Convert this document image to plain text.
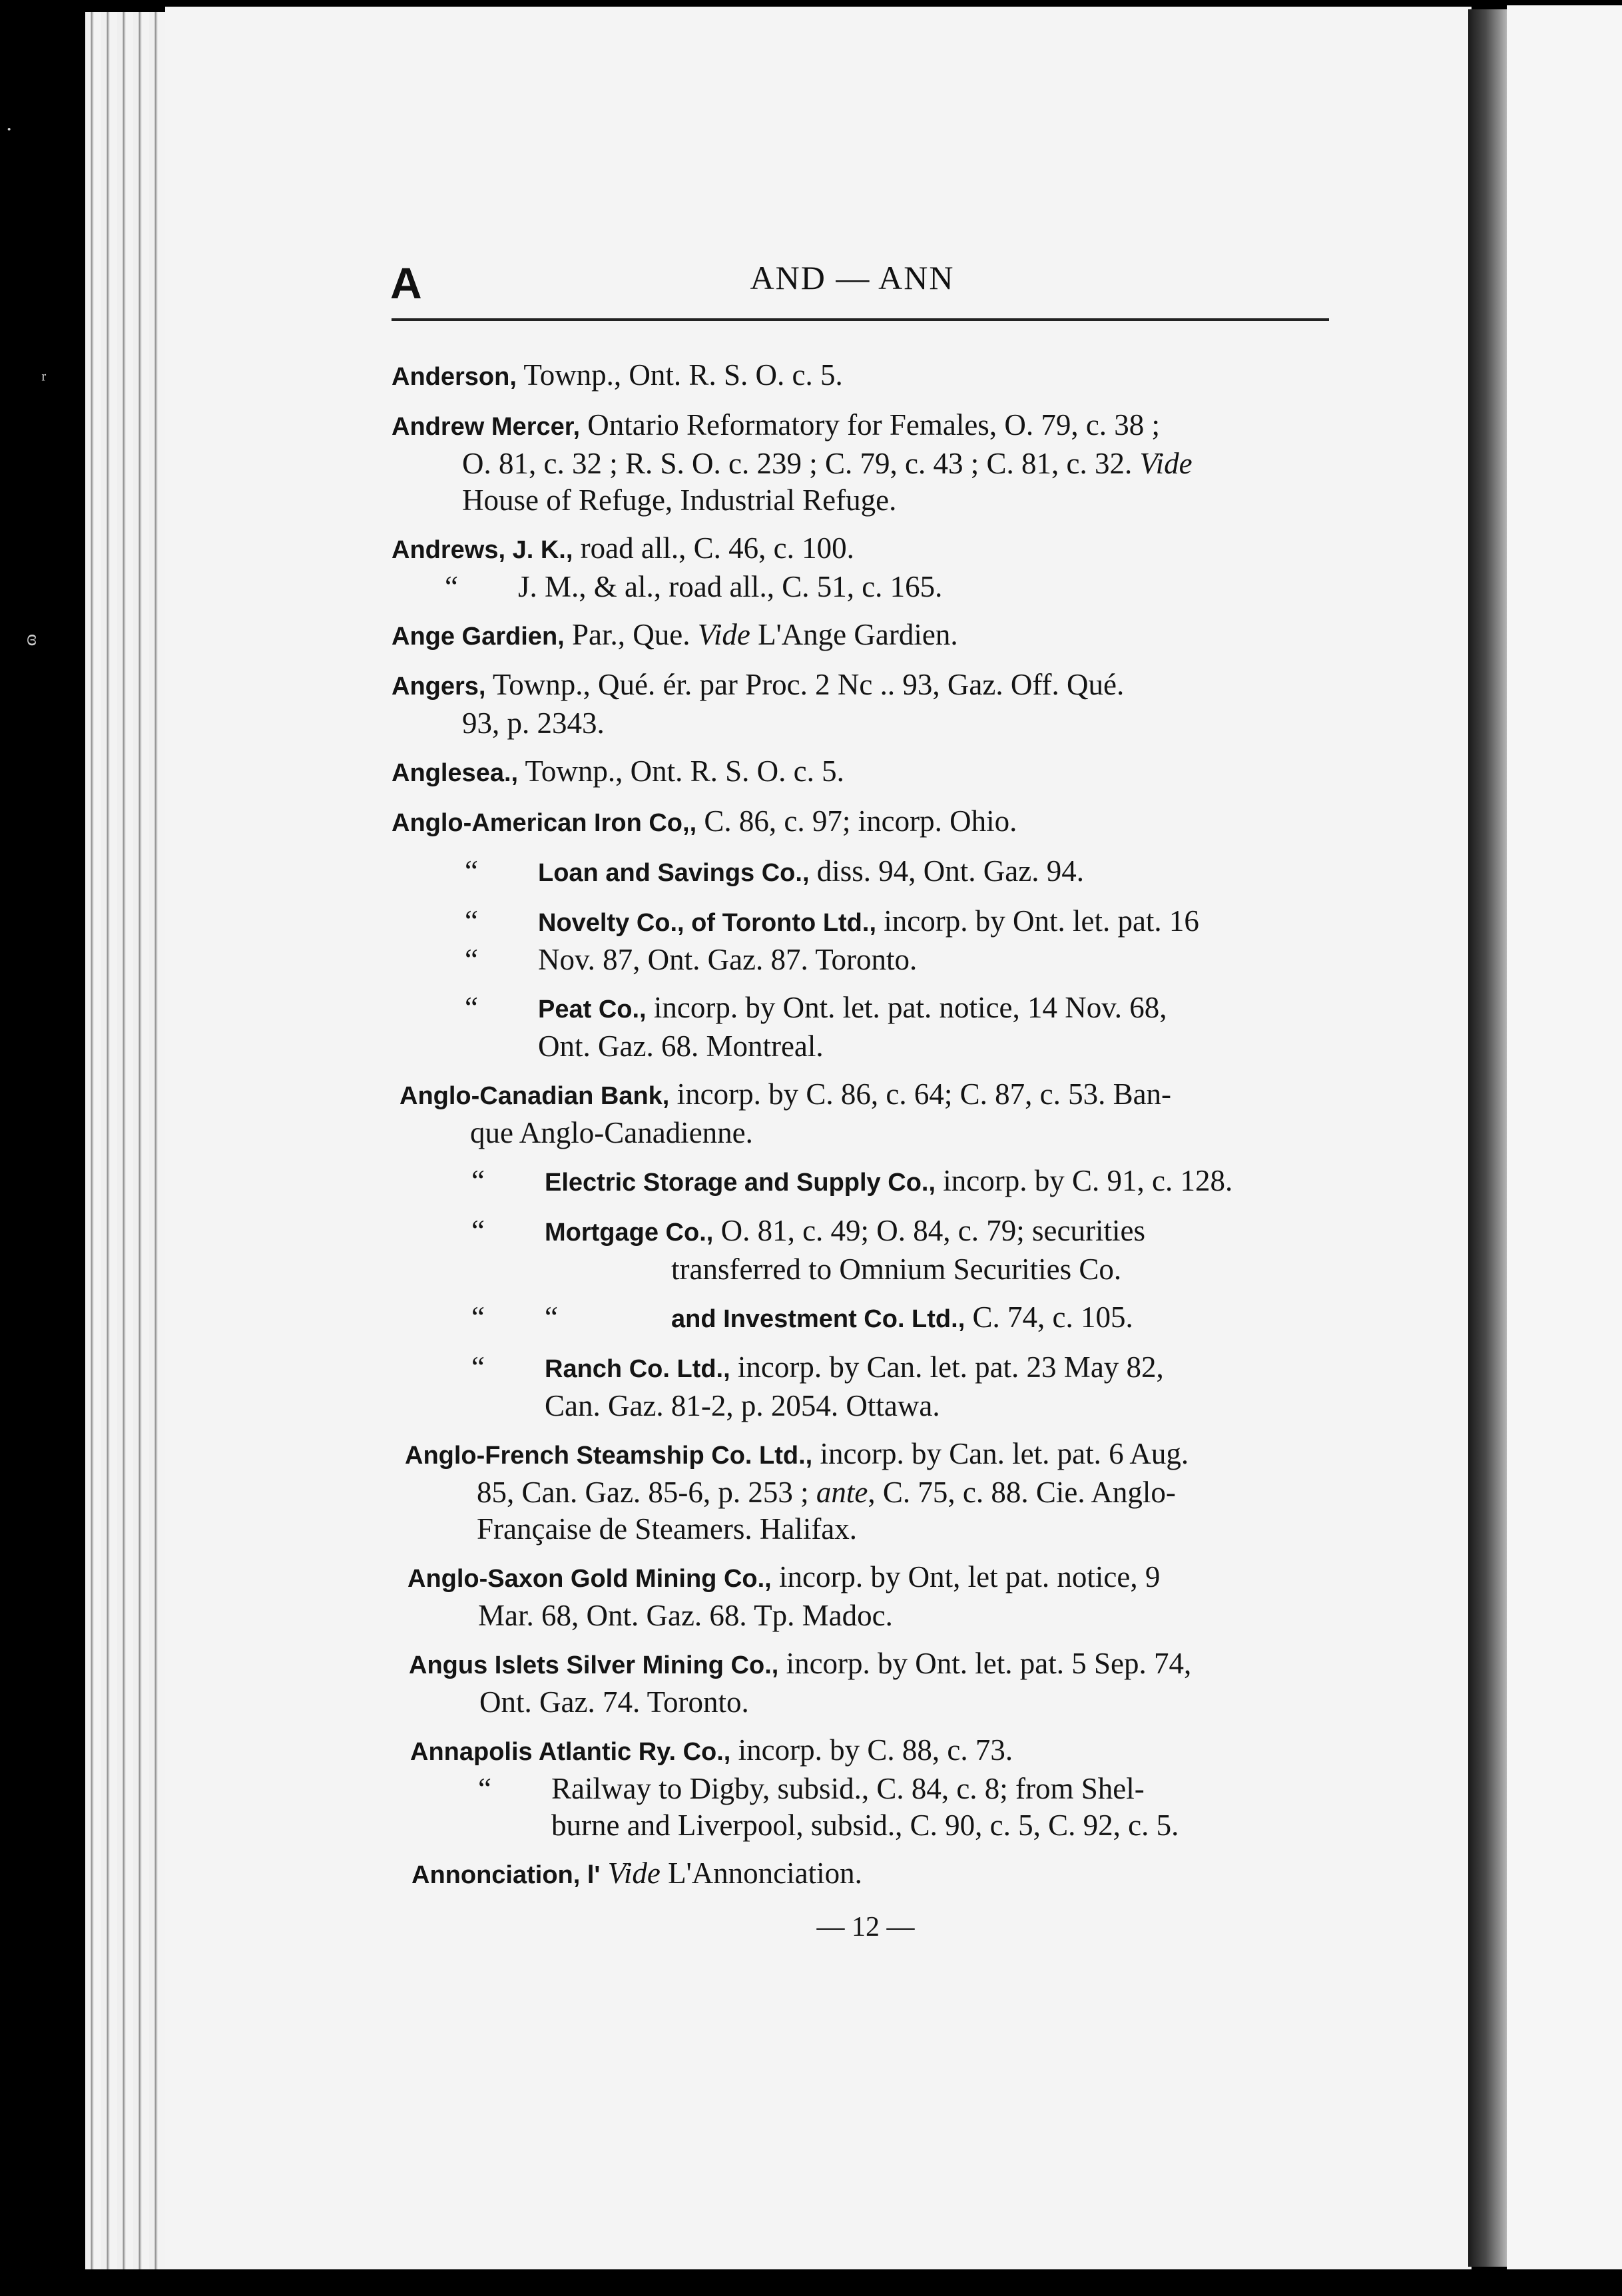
·
ʳ
ɞ
A	AND — ANN
Anderson, Townp., Ont. R. S. O. c. 5.
Andrew Mercer, Ontario Reformatory for Females, O. 79, c. 38 ;
O. 81, c. 32 ; R. S. O. c. 239 ; C. 79, c. 43 ; C. 81, c. 32. Vide
House of Refuge, Industrial Refuge.
Andrews, J. K., road all., C. 46, c. 100.
“ J. M., & al., road all., C. 51, c. 165.
Ange Gardien, Par., Que. Vide L'Ange Gardien.
Angers, Townp., Qué. ér. par Proc. 2 Nc .. 93, Gaz. Off. Qué.
93, p. 2343.
Anglesea., Townp., Ont. R. S. O. c. 5.
Anglo-American Iron Co,, C. 86, c. 97; incorp. Ohio.
“ Loan and Savings Co., diss. 94, Ont. Gaz. 94.
“ Novelty Co., of Toronto Ltd., incorp. by Ont. let. pat. 16
“ Nov. 87, Ont. Gaz. 87. Toronto.
“ Peat Co., incorp. by Ont. let. pat. notice, 14 Nov. 68,
Ont. Gaz. 68. Montreal.
Anglo-Canadian Bank, incorp. by C. 86, c. 64; C. 87, c. 53. Ban-
que Anglo-Canadienne.
“ Electric Storage and Supply Co., incorp. by C. 91, c. 128.
“ Mortgage Co., O. 81, c. 49; O. 84, c. 79; securities
transferred to Omnium Securities Co.
“ “	and Investment Co. Ltd., C. 74, c. 105.
“ Ranch Co. Ltd., incorp. by Can. let. pat. 23 May 82,
Can. Gaz. 81-2, p. 2054. Ottawa.
Anglo-French Steamship Co. Ltd., incorp. by Can. let. pat. 6 Aug.
85, Can. Gaz. 85-6, p. 253 ; ante, C. 75, c. 88. Cie. Anglo-
Française de Steamers. Halifax.
Anglo-Saxon Gold Mining Co., incorp. by Ont, let pat. notice, 9
Mar. 68, Ont. Gaz. 68. Tp. Madoc.
Angus Islets Silver Mining Co., incorp. by Ont. let. pat. 5 Sep. 74,
Ont. Gaz. 74. Toronto.
Annapolis Atlantic Ry. Co., incorp. by C. 88, c. 73.
“ Railway to Digby, subsid., C. 84, c. 8; from Shel-
burne and Liverpool, subsid., C. 90, c. 5, C. 92, c. 5.
Annonciation, l' Vide L'Annonciation.
— 12 —
